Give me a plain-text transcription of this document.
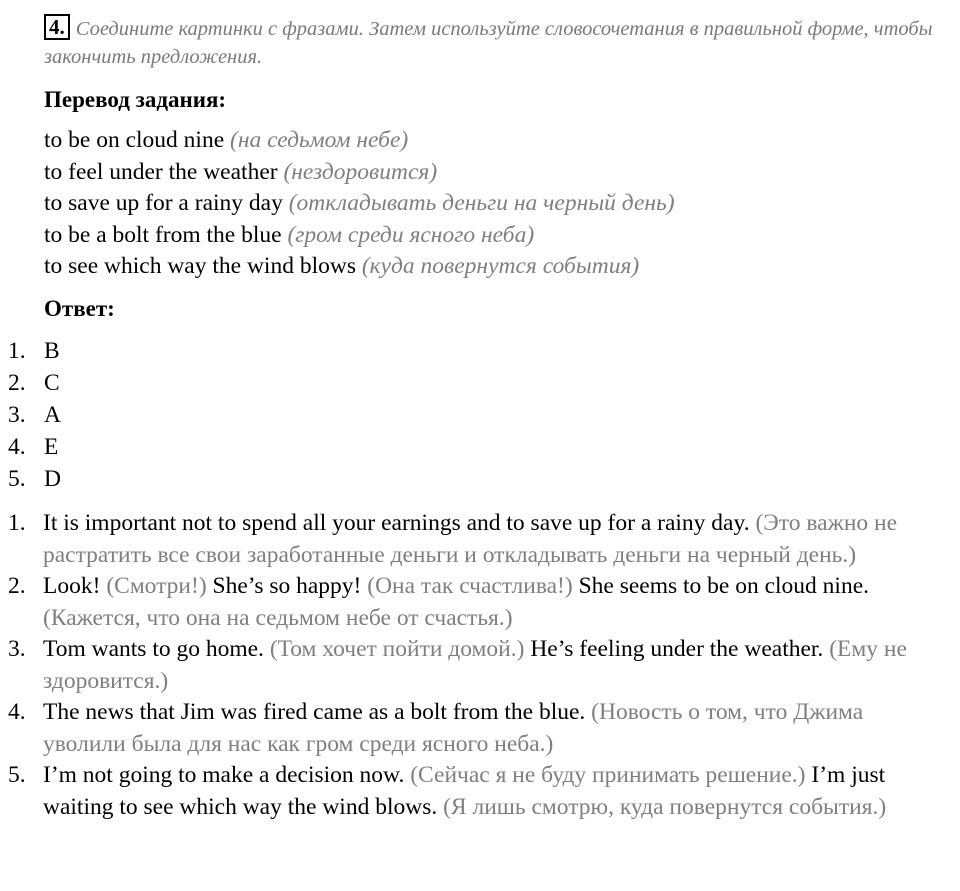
4. Соедините картинки с фразами. Затем используйте словосочетания в правильной форме, чтобы закончить предложения.
Перевод задания:
to be on cloud nine (на седьмом небе)
to feel under the weather (нездоровится)
to save up for a rainy day (откладывать деньги на черный день)
to be a bolt from the blue (гром среди ясного неба)
to see which way the wind blows (куда повернутся события)
Ответ:
1. B
2. C
3. A
4. E
5. D
1. It is important not to spend all your earnings and to save up for a rainy day. (Это важно не растратить все свои заработанные деньги и откладывать деньги на черный день.)
2. Look! (Смотри!) She’s so happy! (Она так счастлива!) She seems to be on cloud nine. (Кажется, что она на седьмом небе от счастья.)
3. Tom wants to go home. (Том хочет пойти домой.) He’s feeling under the weather. (Ему не здоровится.)
4. The news that Jim was fired came as a bolt from the blue. (Новость о том, что Джима уволили была для нас как гром среди ясного неба.)
5. I’m not going to make a decision now. (Сейчас я не буду принимать решение.) I’m just waiting to see which way the wind blows. (Я лишь смотрю, куда повернутся события.)
